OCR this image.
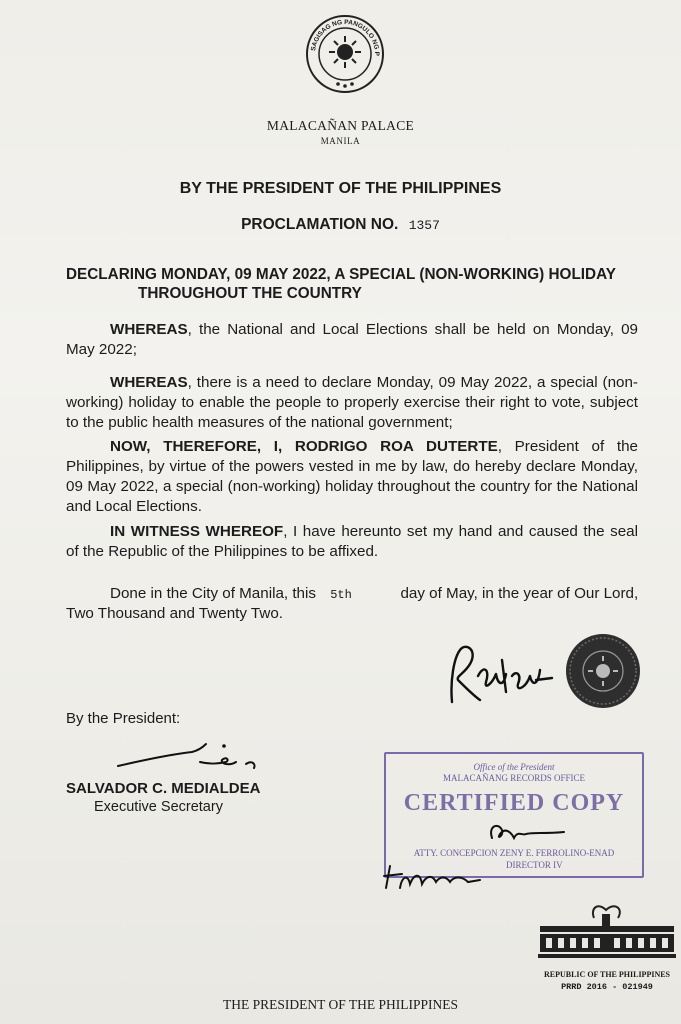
SAGISAG NG PANGULO NG P
MALACAÑAN PALACE
MANILA
BY THE PRESIDENT OF THE PHILIPPINES
PROCLAMATION NO. 1357
DECLARING MONDAY, 09 MAY 2022, A SPECIAL (NON-WORKING) HOLIDAY
THROUGHOUT THE COUNTRY
WHEREAS, the National and Local Elections shall be held on Monday, 09 May 2022;
WHEREAS, there is a need to declare Monday, 09 May 2022, a special (non-working) holiday to enable the people to properly exercise their right to vote, subject to the public health measures of the national government;
NOW, THEREFORE, I, RODRIGO ROA DUTERTE, President of the Philippines, by virtue of the powers vested in me by law, do hereby declare Monday, 09 May 2022, a special (non-working) holiday throughout the country for the National and Local Elections.
IN WITNESS WHEREOF, I have hereunto set my hand and caused the seal of the Republic of the Philippines to be affixed.
Done in the City of Manila, this 5th	day of May, in the year of Our Lord,
Two Thousand and Twenty Two.
By the President:
SALVADOR C. MEDIALDEA
Executive Secretary
Office of the President
MALACAÑANG RECORDS OFFICE
CERTIFIED COPY
ATTY. CONCEPCION ZENY E. FERROLINO-ENAD
DIRECTOR IV
REPUBLIC OF THE PHILIPPINES
PRRD 2016 - 021949
THE PRESIDENT OF THE PHILIPPINES
